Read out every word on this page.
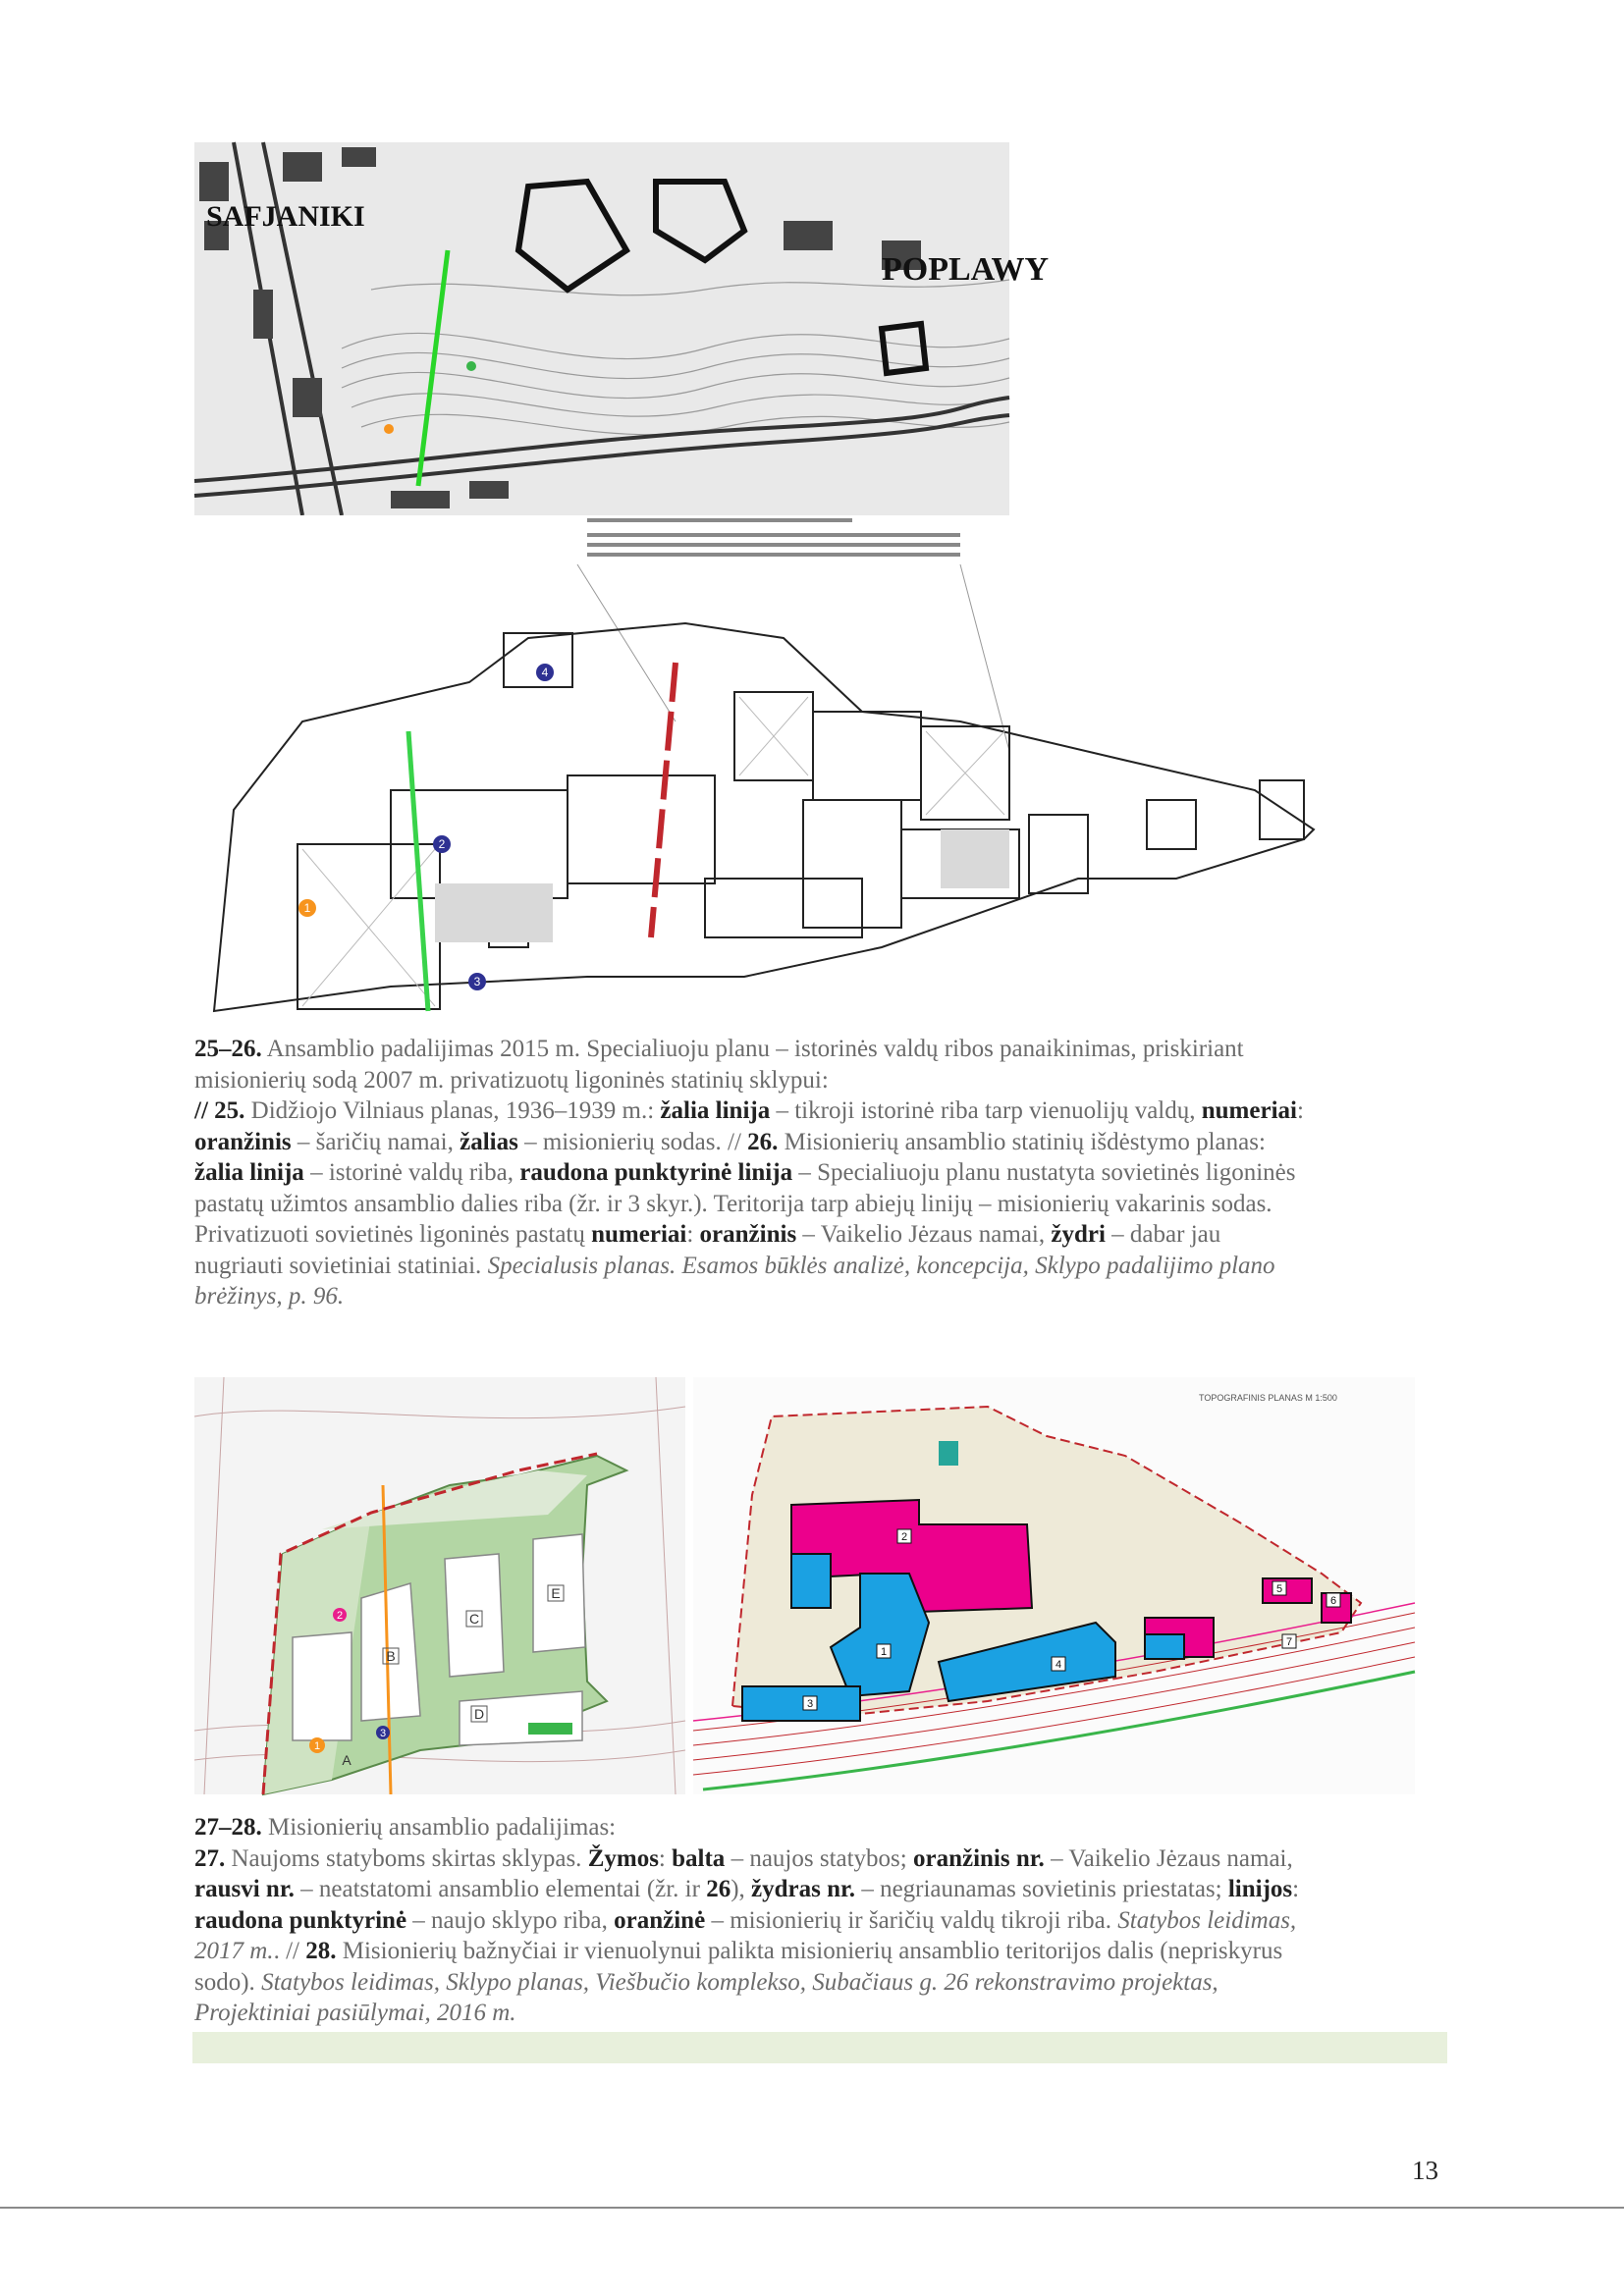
SAFJANIKI
POPLAWY
1
2
3
4

25–26. Ansamblio padalijimas 2015 m. Specialiuoju planu – istorinės valdų ribos panaikinimas, priskiriant

misionierių sodą 2007 m. privatizuotų ligoninės statinių sklypui:

// 25. Didžiojo Vilniaus planas, 1936–1939 m.: žalia linija – tikroji istorinė riba tarp vienuolijų valdų, numeriai:

oranžinis – šaričių namai, žalias – misionierių sodas. // 26. Misionierių ansamblio statinių išdėstymo planas:

žalia linija – istorinė valdų riba, raudona punktyrinė linija – Specialiuoju planu nustatyta sovietinės ligoninės

pastatų užimtos ansamblio dalies riba (žr. ir 3 skyr.). Teritorija tarp abiejų linijų – misionierių vakarinis sodas.

Privatizuoti sovietinės ligoninės pastatų numeriai: oranžinis – Vaikelio Jėzaus namai, žydri – dabar jau

nugriauti sovietiniai statiniai. Specialusis planas. Esamos būklės analizė, koncepcija, Sklypo padalijimo plano

brėžinys, p. 96.

A
B
C
D
E
1
2
3
TOPOGRAFINIS PLANAS M 1:500
1
2
3
4
5
6
7

27–28. Misionierių ansamblio padalijimas:

27. Naujoms statyboms skirtas sklypas. Žymos: balta – naujos statybos; oranžinis nr. – Vaikelio Jėzaus namai,

rausvi nr. – neatstatomi ansamblio elementai (žr. ir 26), žydras nr. – negriaunamas sovietinis priestatas; linijos:

raudona punktyrinė – naujo sklypo riba, oranžinė – misionierių ir šaričių valdų tikroji riba. Statybos leidimas,

2017 m.. // 28. Misionierių bažnyčiai ir vienuolynui palikta misionierių ansamblio teritorijos dalis (nepriskyrus

sodo). Statybos leidimas, Sklypo planas, Viešbučio komplekso, Subačiaus g. 26 rekonstravimo projektas,

Projektiniai pasiūlymai, 2016 m.

13
